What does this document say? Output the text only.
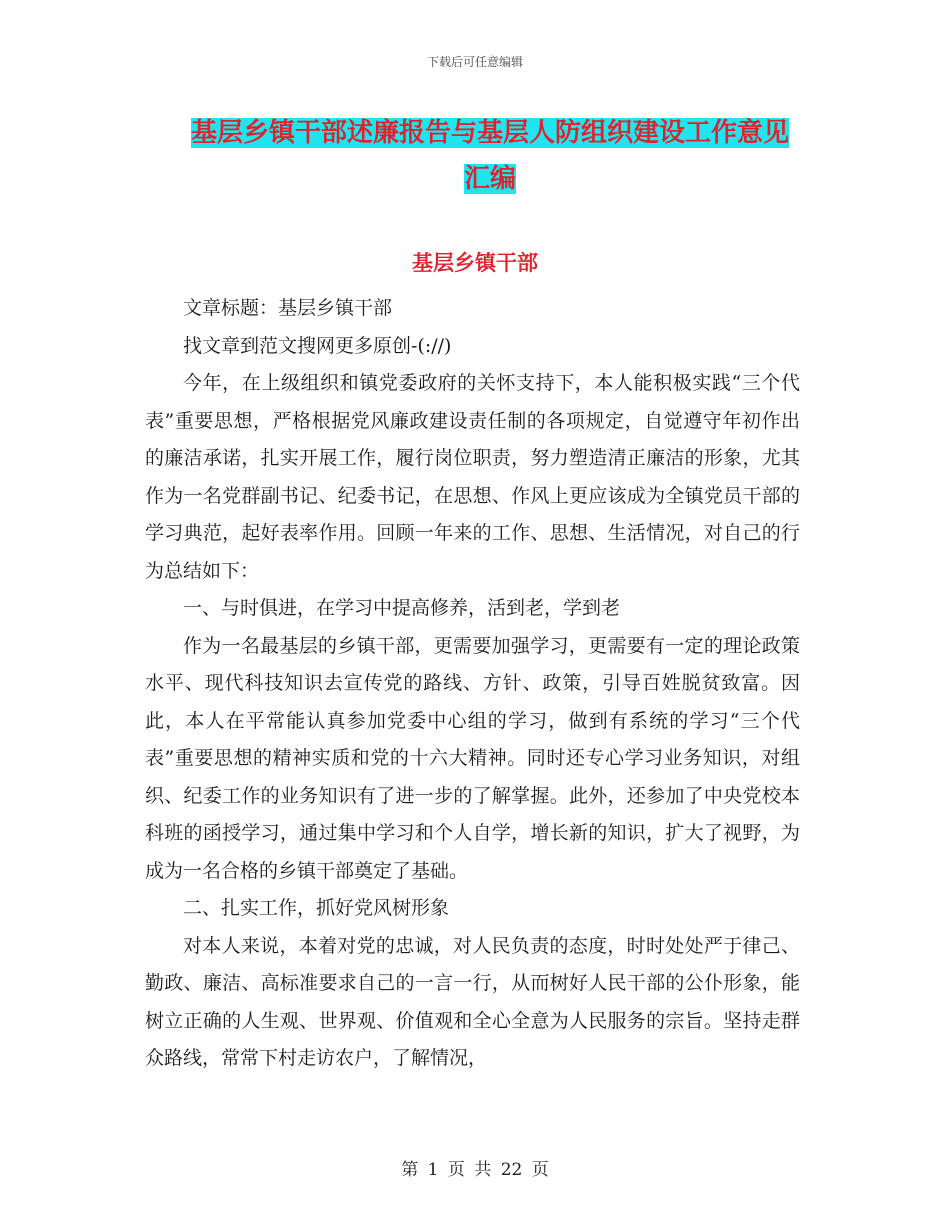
下载后可任意编辑
基层乡镇干部述廉报告与基层人防组织建设工作意见
汇编
基层乡镇干部

文章标题：基层乡镇干部

找文章到范文搜网更多原创-(://)

今年，在上级组织和镇党委政府的关怀支持下，本人能积极实践“三个代表”重要思想，严格根据党风廉政建设责任制的各项规定，自觉遵守年初作出的廉洁承诺，扎实开展工作，履行岗位职责，努力塑造清正廉洁的形象，尤其作为一名党群副书记、纪委书记，在思想、作风上更应该成为全镇党员干部的学习典范，起好表率作用。回顾一年来的工作、思想、生活情况，对自己的行为总结如下：

一、与时俱进，在学习中提高修养，活到老，学到老

作为一名最基层的乡镇干部，更需要加强学习，更需要有一定的理论政策水平、现代科技知识去宣传党的路线、方针、政策，引导百姓脱贫致富。因此，本人在平常能认真参加党委中心组的学习，做到有系统的学习“三个代表”重要思想的精神实质和党的十六大精神。同时还专心学习业务知识，对组织、纪委工作的业务知识有了进一步的了解掌握。此外，还参加了中央党校本科班的函授学习，通过集中学习和个人自学，增长新的知识，扩大了视野，为成为一名合格的乡镇干部奠定了基础。

二、扎实工作，抓好党风树形象

对本人来说，本着对党的忠诚，对人民负责的态度，时时处处严于律己、勤政、廉洁、高标准要求自己的一言一行，从而树好人民干部的公仆形象，能树立正确的人生观、世界观、价值观和全心全意为人民服务的宗旨。坚持走群众路线，常常下村走访农户，了解情况，

第 1 页 共 22 页
